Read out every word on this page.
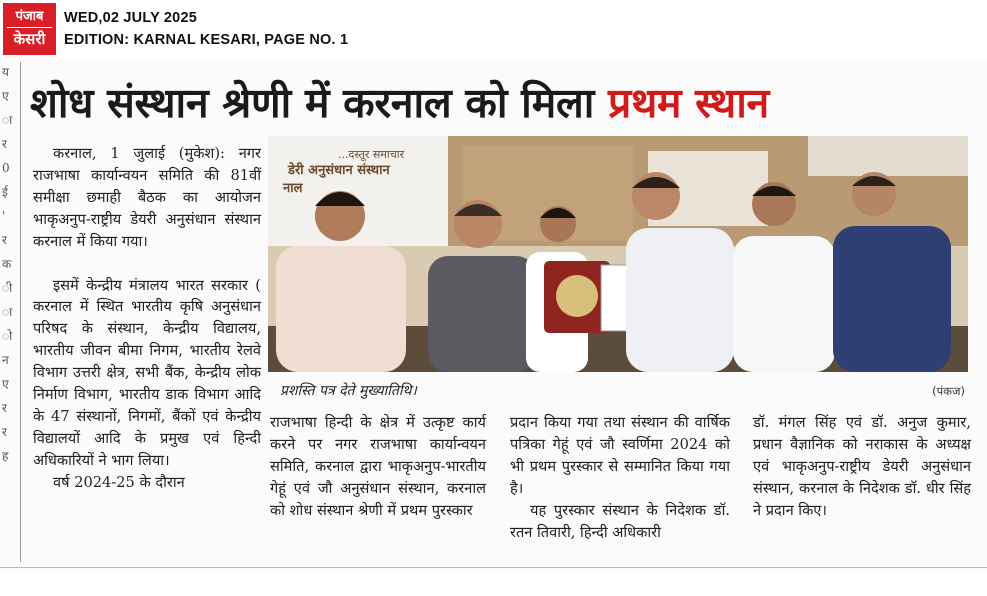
पंजाब
केसरी
WED,02 JULY 2025
EDITION: KARNAL KESARI, PAGE NO. 1
य
ए
ा
र
0
ई
'
र
क
ी
ा
ो
न
ए
र
र
ह
शोध संस्थान श्रेणी में करनाल को मिला प्रथम स्थान

करनाल, 1 जुलाई (मुकेश): नगर राजभाषा कार्यान्वयन समिति की 81वीं समीक्षा छमाही बैठक का आयोजन भाकृअनुप-राष्ट्रीय डेयरी अनुसंधान संस्थान करनाल में किया गया।

इसमें केन्द्रीय मंत्रालय भारत सरकार ( करनाल में स्थित भारतीय कृषि अनुसंधान परिषद के संस्थान, केन्द्रीय विद्यालय, भारतीय जीवन बीमा निगम, भारतीय रेलवे विभाग उत्तरी क्षेत्र, सभी बैंक, केन्द्रीय लोक निर्माण विभाग, भारतीय डाक विभाग आदि के 47 संस्थानों, निगमों, बैंकों एवं केन्द्रीय विद्यालयों आदि के प्रमुख एवं हिन्दी अधिकारियों ने भाग लिया।

वर्ष 2024-25 के दौरान

...दस्तूर समाचार
डेरी अनुसंधान संस्थान
नाल
प्रशस्ति पत्र देते मुख्यातिथि।	(पंकज)

राजभाषा हिन्दी के क्षेत्र में उत्कृष्ट कार्य करने पर नगर राजभाषा कार्यान्वयन समिति, करनाल द्वारा भाकृअनुप-भारतीय गेहूं एवं जौ अनुसंधान संस्थान, करनाल को शोध संस्थान श्रेणी में प्रथम पुरस्कार

प्रदान किया गया तथा संस्थान की वार्षिक पत्रिका गेहूं एवं जौ स्वर्णिमा 2024 को भी प्रथम पुरस्कार से सम्मानित किया गया है।

यह पुरस्कार संस्थान के निदेशक डॉ. रतन तिवारी, हिन्दी अधिकारी

डॉ. मंगल सिंह एवं डॉ. अनुज कुमार, प्रधान वैज्ञानिक को नराकास के अध्यक्ष एवं भाकृअनुप-राष्ट्रीय डेयरी अनुसंधान संस्थान, करनाल के निदेशक डॉ. धीर सिंह ने प्रदान किए।
